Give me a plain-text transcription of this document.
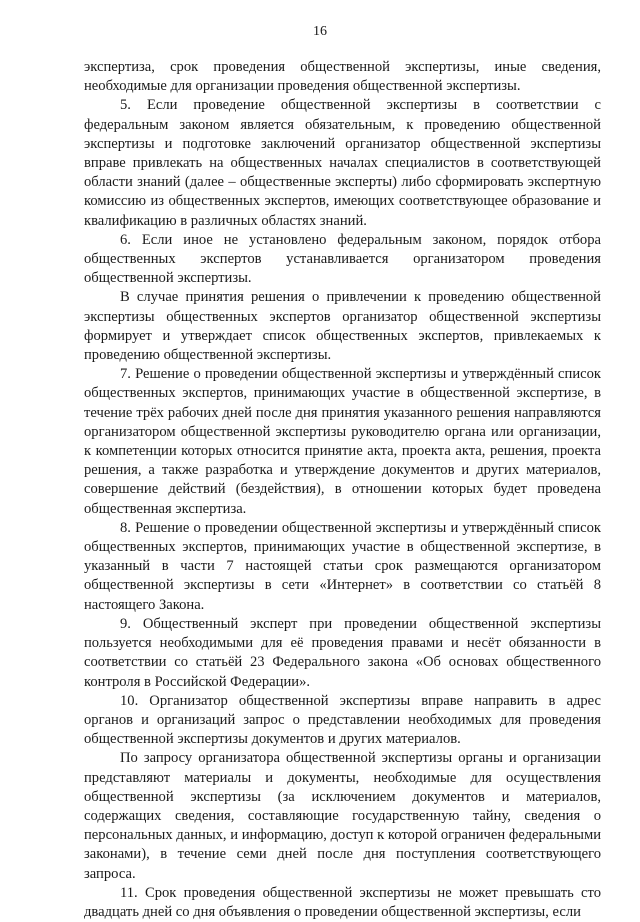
16

экспертиза, срок проведения общественной экспертизы, иные сведения, необходимые для организации проведения общественной экспертизы.

5. Если проведение общественной экспертизы в соответствии с федеральным законом является обязательным, к проведению общественной экспертизы и подготовке заключений организатор общественной экспертизы вправе привлекать на общественных началах специалистов в соответствующей области знаний (далее – общественные эксперты) либо сформировать экспертную комиссию из общественных экспертов, имеющих соответствующее образование и квалификацию в различных областях знаний.

6. Если иное не установлено федеральным законом, порядок отбора общественных экспертов устанавливается организатором проведения общественной экспертизы.

В случае принятия решения о привлечении к проведению общественной экспертизы общественных экспертов организатор общественной экспертизы формирует и утверждает список общественных экспертов, привлекаемых к проведению общественной экспертизы.

7. Решение о проведении общественной экспертизы и утверждённый список общественных экспертов, принимающих участие в общественной экспертизе, в течение трёх рабочих дней после дня принятия указанного решения направляются организатором общественной экспертизы руководителю органа или организации, к компетенции которых относится принятие акта, проекта акта, решения, проекта решения, а также разработка и утверждение документов и других материалов, совершение действий (бездействия), в отношении которых будет проведена общественная экспертиза.

8. Решение о проведении общественной экспертизы и утверждённый список общественных экспертов, принимающих участие в общественной экспертизе, в указанный в части 7 настоящей статьи срок размещаются организатором общественной экспертизы в сети «Интернет» в соответствии со статьёй 8 настоящего Закона.

9. Общественный эксперт при проведении общественной экспертизы пользуется необходимыми для её проведения правами и несёт обязанности в соответствии со статьёй 23 Федерального закона «Об основах общественного контроля в Российской Федерации».

10. Организатор общественной экспертизы вправе направить в адрес органов и организаций запрос о представлении необходимых для проведения общественной экспертизы документов и других материалов.

По запросу организатора общественной экспертизы органы и организации представляют материалы и документы, необходимые для осуществления общественной экспертизы (за исключением документов и материалов, содержащих сведения, составляющие государственную тайну, сведения о персональных данных, и информацию, доступ к которой ограничен федеральными законами), в течение семи дней после дня поступления соответствующего запроса.

11. Срок проведения общественной экспертизы не может превышать сто двадцать дней со дня объявления о проведении общественной экспертизы, если
